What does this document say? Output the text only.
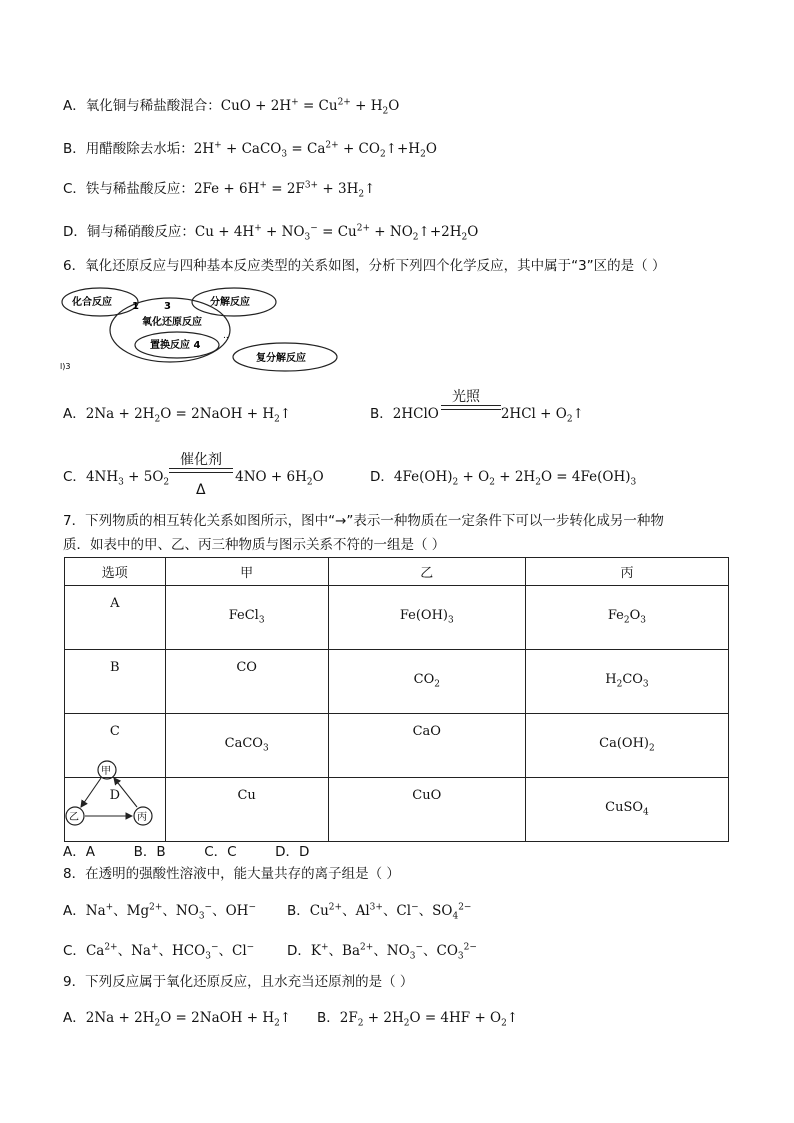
A．氧化铜与稀盐酸混合：CuO + $2H^+ = Cu^{2+} + H_2O$
B．用醋酸除去水垢：2H+ + CaCO$_3$ = $Ca^{2+}$ + $CO_2↑+H_2O$
C．铁与稀盐酸反应：$2Fe + 6H^+ = 2F^{3+}$ + $3H_2↑$
D．铜与稀硝酸反应：$Cu + 4H^+ + NO_3^- = Cu^{2+}$ + $NO_2↑+2H_2O$
6．氧化还原反应与四种基本反应类型的关系如图，分析下列四个化学反应，其中属于“3”区的是（ ）
化合反应 1	3	分解反应
氧化还原反应
..
置换反应 4
复分解反应
l)3
A．$2Na + 2H_2O$ = 2NaOH + $H_2↑$	B．2HClO	$2HCl + O_2↑$
光照
C．$4NH_3 + 5O_2$	$4NO + 6H_2O$
催化剂
Δ
D．$4Fe(OH)_2 + O_2 + 2H_2O = 4Fe(OH)_3$
7．下列物质的相互转化关系如图所示，图中“→”表示一种物质在一定条件下可以一步转化成另一种物
质．如表中的甲、乙、丙三种物质与图示关系不符的一组是（ ）
选项	甲	乙	丙
A	FeCl$_3$	$Fe(OH)_3$	$Fe_2O_3$
B	CO	$CO_2$	$H_2CO_3$
C	CaCO$_3$	CaO	$Ca(OH)_2$
D	Cu	CuO	CuSO$_4$
甲
乙	丙
A．A	B．B	C．C	D．D
8．在透明的强酸性溶液中，能大量共存的离子组是（ ）
A．Na+、$Mg^{2+}$、$NO_3^-$、OH− B．$Cu^{2+}$、$Al^{3+}$、Cl−、$SO_4^{2-}$
C．$Ca^{2+}$、Na+、$HCO_3^-$、Cl− D．K+、$Ba^{2+}$、$NO_3^-$、$CO_3^{2-}$
9．下列反应属于氧化还原反应，且水充当还原剂的是（ ）
A．$2Na + 2H_2O$ = 2NaOH + $H_2↑$ B．$2F_2 + 2H_2O = 4HF$ + $O_2↑$
